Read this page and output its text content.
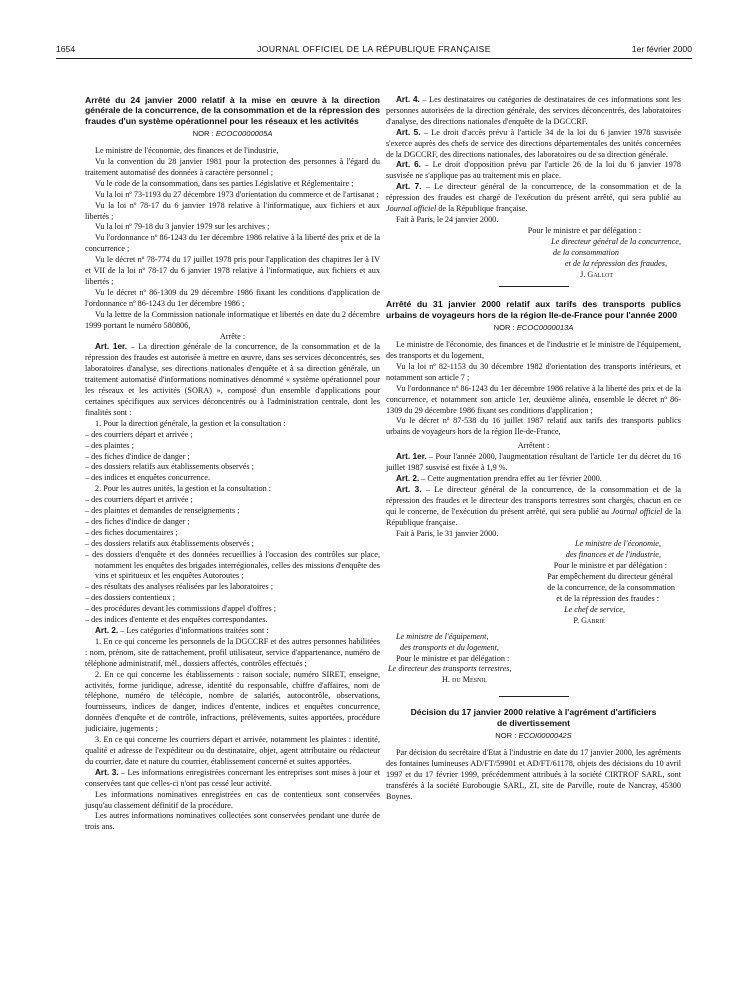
1654	JOURNAL OFFICIEL DE LA RÉPUBLIQUE FRANÇAISE	1er février 2000

Arrêté du 24 janvier 2000 relatif à la mise en œuvre à la direction générale de la concurrence, de la consommation et de la répression des fraudes d'un système opérationnel pour les réseaux et les activités

NOR : ECOC0000005A

Le ministre de l'économie, des finances et de l'industrie,

Vu la convention du 28 janvier 1981 pour la protection des personnes à l'égard du traitement automatisé des données à caractère personnel ;

Vu le code de la consommation, dans ses parties Législative et Réglementaire ;

Vu la loi nº 73-1193 du 27 décembre 1973 d'orientation du commerce et de l'artisanat ;

Vu la loi nº 78-17 du 6 janvier 1978 relative à l'informatique, aux fichiers et aux libertés ;

Vu la loi nº 79-18 du 3 janvier 1979 sur les archives ;

Vu l'ordonnance nº 86-1243 du 1er décembre 1986 relative à la liberté des prix et de la concurrence ;

Vu le décret nº 78-774 du 17 juillet 1978 pris pour l'application des chapitres Ier à IV et VII de la loi nº 78-17 du 6 janvier 1978 relative à l'informatique, aux fichiers et aux libertés ;

Vu le décret nº 86-1309 du 29 décembre 1986 fixant les conditions d'application de l'ordonnance nº 86-1243 du 1er décembre 1986 ;

Vu la lettre de la Commission nationale informatique et libertés en date du 2 décembre 1999 portant le numéro 580806,

Arrête :

Art. 1er. – La direction générale de la concurrence, de la consommation et de la répression des fraudes est autorisée à mettre en œuvre, dans ses services déconcentrés, ses laboratoires d'analyse, ses directions nationales d'enquête et à sa direction générale, un traitement automatisé d'informations nominatives dénommé « système opérationnel pour les réseaux et les activités (SORA) », composé d'un ensemble d'applications pour certaines spécifiques aux services déconcentrés ou à l'administration centrale, dont les finalités sont :

1. Pour la direction générale, la gestion et la consultation :

– des courriers départ et arrivée ;

– des plaintes ;

– des fiches d'indice de danger ;

– des dossiers relatifs aux établissements observés ;

– des indices et enquêtes concurrence.

2. Pour les autres unités, la gestion et la consultation :

– des courriers départ et arrivée ;

– des plaintes et demandes de renseignements ;

– des fiches d'indice de danger ;

– des fiches documentaires ;

– des dossiers relatifs aux établissements observés ;

– des dossiers d'enquête et des données recueillies à l'occasion des contrôles sur place, notamment les enquêtes des brigades interrégionales, celles des missions d'enquête des vins et spiritueux et les enquêtes Autoroutes ;

– des résultats des analyses réalisées par les laboratoires ;

– des dossiers contentieux ;

– des procédures devant les commissions d'appel d'offres ;

– des indices d'entente et des enquêtes correspondantes.

Art. 2. – Les catégories d'informations traitées sont :

1. En ce qui concerne les personnels de la DGCCRF et des autres personnes habilitées : nom, prénom, site de rattachement, profil utilisateur, service d'appartenance, numéro de téléphone administratif, mél., dossiers affectés, contrôles effectués ;

2. En ce qui concerne les établissements : raison sociale, numéro SIRET, enseigne, activités, forme juridique, adresse, identité du responsable, chiffre d'affaires, nom de téléphone, numéro de télécopie, nombre de salariés, autocontrôle, observations, fournisseurs, indices de danger, indices d'entente, indices et enquêtes concurrence, données d'enquête et de contrôle, infractions, prélèvements, suites apportées, procédure judiciaire, jugements ;

3. En ce qui concerne les courriers départ et arrivée, notamment les plaintes : identité, qualité et adresse de l'expéditeur ou du destinataire, objet, agent attributaire ou rédacteur du courrier, date et nature du courrier, établissement concerné et suites apportées.

Art. 3. – Les informations enregistrées concernant les entreprises sont mises à jour et conservées tant que celles-ci n'ont pas cessé leur activité.

Les informations nominatives enregistrées en cas de contentieux sont conservées jusqu'au classement définitif de la procédure.

Les autres informations nominatives collectées sont conservées pendant une durée de trois ans.

Art. 4. – Les destinataires ou catégories de destinataires de ces informations sont les personnes autorisées de la direction générale, des services déconcentrés, des laboratoires d'analyse, des directions nationales d'enquête de la DGCCRF.

Art. 5. – Le droit d'accès prévu à l'article 34 de la loi du 6 janvier 1978 susvisée s'exerce auprès des chefs de service des directions départementales des unités concernées de la DGCCRF, des directions nationales, des laboratoires ou de sa direction générale.

Art. 6. – Le droit d'opposition prévu par l'article 26 de la loi du 6 janvier 1978 susvisée ne s'applique pas au traitement mis en place.

Art. 7. – Le directeur général de la concurrence, de la consommation et de la répression des fraudes est chargé de l'exécution du présent arrêté, qui sera publié au Journal officiel de la République française.

Fait à Paris, le 24 janvier 2000.

Pour le ministre et par délégation :

Le directeur général de la concurrence,

de la consommation

et de la répression des fraudes,

J. Gallot

Arrêté du 31 janvier 2000 relatif aux tarifs des transports publics urbains de voyageurs hors de la région Ile-de-France pour l'année 2000

NOR : ECOC0000013A

Le ministre de l'économie, des finances et de l'industrie et le ministre de l'équipement, des transports et du logement,

Vu la loi nº 82-1153 du 30 décembre 1982 d'orientation des transports intérieurs, et notamment son article 7 ;

Vu l'ordonnance nº 86-1243 du 1er décembre 1986 relative à la liberté des prix et de la concurrence, et notamment son article 1er, deuxième alinéa, ensemble le décret nº 86-1309 du 29 décembre 1986 fixant ses conditions d'application ;

Vu le décret nº 87-538 du 16 juillet 1987 relatif aux tarifs des transports publics urbains de voyageurs hors de la région Ile-de-France,

Arrêtent :

Art. 1er. – Pour l'année 2000, l'augmentation résultant de l'article 1er du décret du 16 juillet 1987 susvisé est fixée à 1,9 %.

Art. 2. – Cette augmentation prendra effet au 1er février 2000.

Art. 3. – Le directeur général de la concurrence, de la consommation et de la répression des fraudes et le directeur des transports terrestres sont chargés, chacun en ce qui le concerne, de l'exécution du présent arrêté, qui sera publié au Journal officiel de la République française.

Fait à Paris, le 31 janvier 2000.

Le ministre de l'économie,

des finances et de l'industrie,

Pour le ministre et par délégation :

Par empêchement du directeur général

de la concurrence, de la consommation

et de la répression des fraudes :

Le chef de service,

P. Gabrié

Le ministre de l'équipement,

des transports et du logement,

Pour le ministre et par délégation :

Le directeur des transports terrestres,

H. du Mesnil

Décision du 17 janvier 2000 relative à l'agrément d'artificiers de divertissement

NOR : ECOI0000042S

Par décision du secrétaire d'Etat à l'industrie en date du 17 janvier 2000, les agréments des fontaines lumineuses AD/FT/59901 et AD/FT/61178, objets des décisions du 10 avril 1997 et du 17 février 1999, précédemment attribués à la société CIRTROF SARL, sont transférés à la société Eurobougie SARL, ZI, site de Parville, route de Nancray, 45300 Boynes.
